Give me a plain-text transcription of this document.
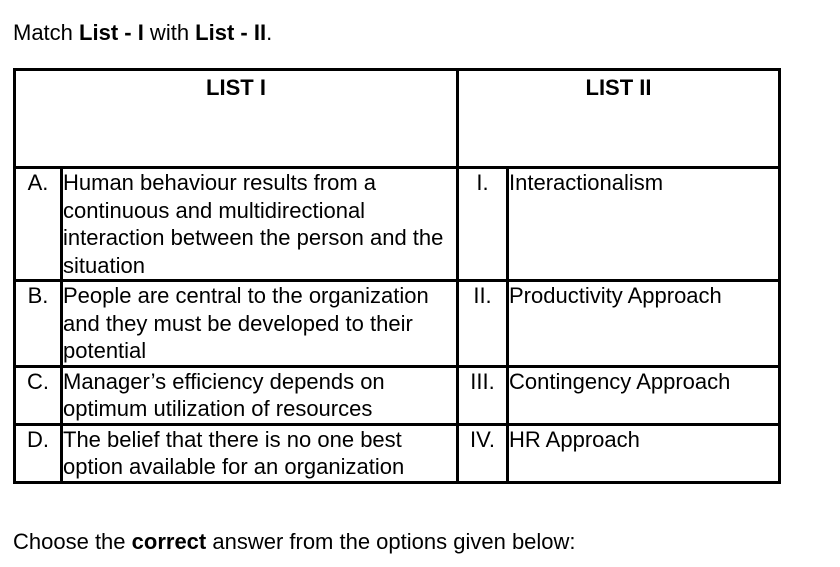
Match List - I with List - II.
LIST I		LIST II	
A.	Human behaviour results from a continuous and multidirectional interaction between the person and the situation	I.	Interactionalism
B.	People are central to the organization and they must be developed to their potential	II.	Productivity Approach
C.	Manager’s efficiency depends on optimum utilization of resources	III.	Contingency Approach
D.	The belief that there is no one best option available for an organization	IV.	HR Approach
Choose the correct answer from the options given below:
